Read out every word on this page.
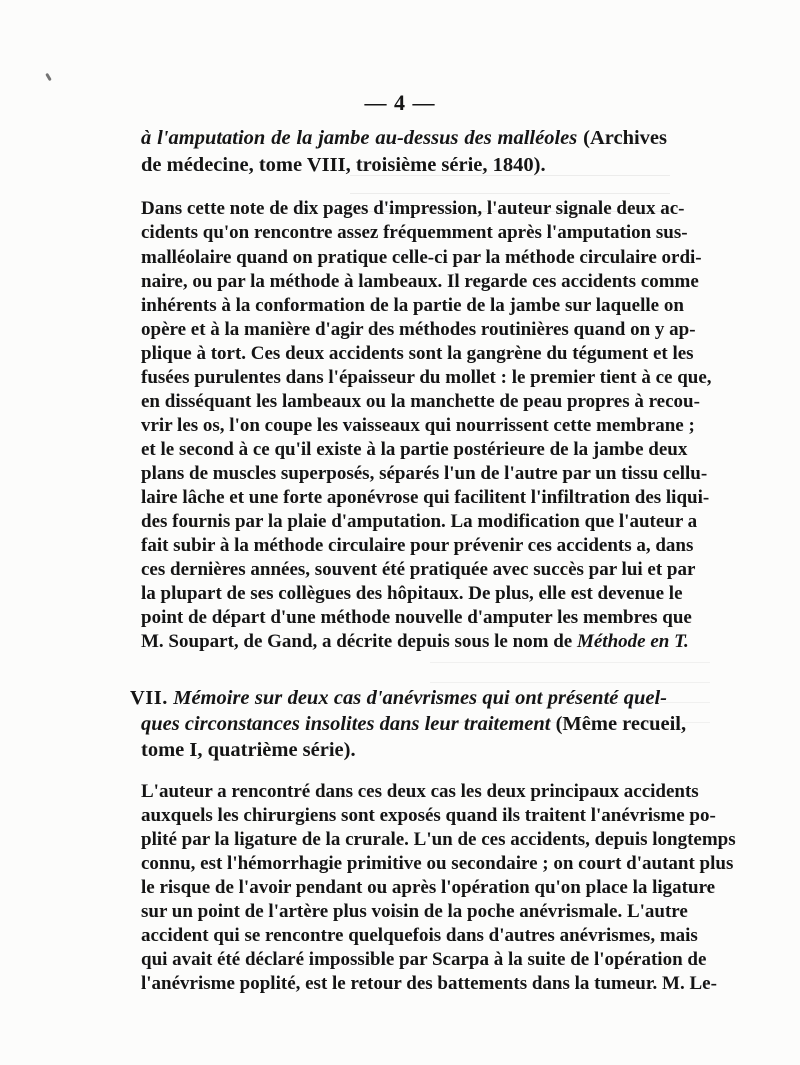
— 4 —
à l'amputation de la jambe au-dessus des malléoles (Archives
de médecine, tome VIII, troisième série, 1840).
Dans cette note de dix pages d'impression, l'auteur signale deux ac-
cidents qu'on rencontre assez fréquemment après l'amputation sus-
malléolaire quand on pratique celle-ci par la méthode circulaire ordi-
naire, ou par la méthode à lambeaux. Il regarde ces accidents comme
inhérents à la conformation de la partie de la jambe sur laquelle on
opère et à la manière d'agir des méthodes routinières quand on y ap-
plique à tort. Ces deux accidents sont la gangrène du tégument et les
fusées purulentes dans l'épaisseur du mollet : le premier tient à ce que,
en disséquant les lambeaux ou la manchette de peau propres à recou-
vrir les os, l'on coupe les vaisseaux qui nourrissent cette membrane ;
et le second à ce qu'il existe à la partie postérieure de la jambe deux
plans de muscles superposés, séparés l'un de l'autre par un tissu cellu-
laire lâche et une forte aponévrose qui facilitent l'infiltration des liqui-
des fournis par la plaie d'amputation. La modification que l'auteur a
fait subir à la méthode circulaire pour prévenir ces accidents a, dans
ces dernières années, souvent été pratiquée avec succès par lui et par
la plupart de ses collègues des hôpitaux. De plus, elle est devenue le
point de départ d'une méthode nouvelle d'amputer les membres que
M. Soupart, de Gand, a décrite depuis sous le nom de Méthode en T.
VII. Mémoire sur deux cas d'anévrismes qui ont présenté quel-
ques circonstances insolites dans leur traitement (Même recueil,
tome I, quatrième série).
L'auteur a rencontré dans ces deux cas les deux principaux accidents
auxquels les chirurgiens sont exposés quand ils traitent l'anévrisme po-
plité par la ligature de la crurale. L'un de ces accidents, depuis longtemps
connu, est l'hémorrhagie primitive ou secondaire ; on court d'autant plus
le risque de l'avoir pendant ou après l'opération qu'on place la ligature
sur un point de l'artère plus voisin de la poche anévrismale. L'autre
accident qui se rencontre quelquefois dans d'autres anévrismes, mais
qui avait été déclaré impossible par Scarpa à la suite de l'opération de
l'anévrisme poplité, est le retour des battements dans la tumeur. M. Le-
